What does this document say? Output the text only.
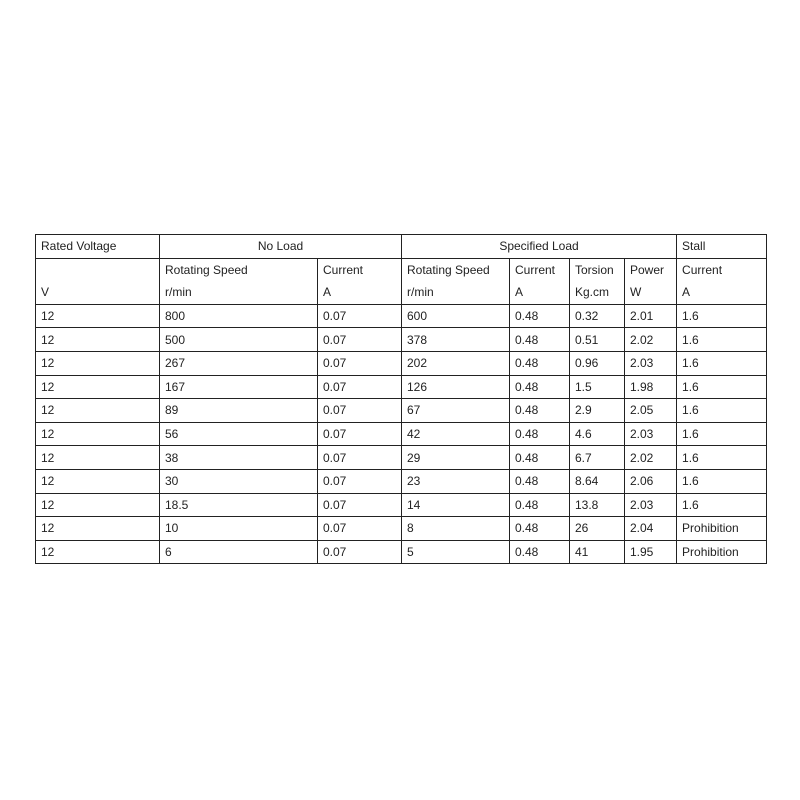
Rated Voltage	No Load		Specified Load				Stall
	Rotating Speed	Current	Rotating Speed	Current	Torsion	Power	Current
V	r/min	A	r/min	A	Kg.cm	W	A
12	800	0.07	600	0.48	0.32	2.01	1.6
12	500	0.07	378	0.48	0.51	2.02	1.6
12	267	0.07	202	0.48	0.96	2.03	1.6
12	167	0.07	126	0.48	1.5	1.98	1.6
12	89	0.07	67	0.48	2.9	2.05	1.6
12	56	0.07	42	0.48	4.6	2.03	1.6
12	38	0.07	29	0.48	6.7	2.02	1.6
12	30	0.07	23	0.48	8.64	2.06	1.6
12	18.5	0.07	14	0.48	13.8	2.03	1.6
12	10	0.07	8	0.48	26	2.04	Prohibition
12	6	0.07	5	0.48	41	1.95	Prohibition
